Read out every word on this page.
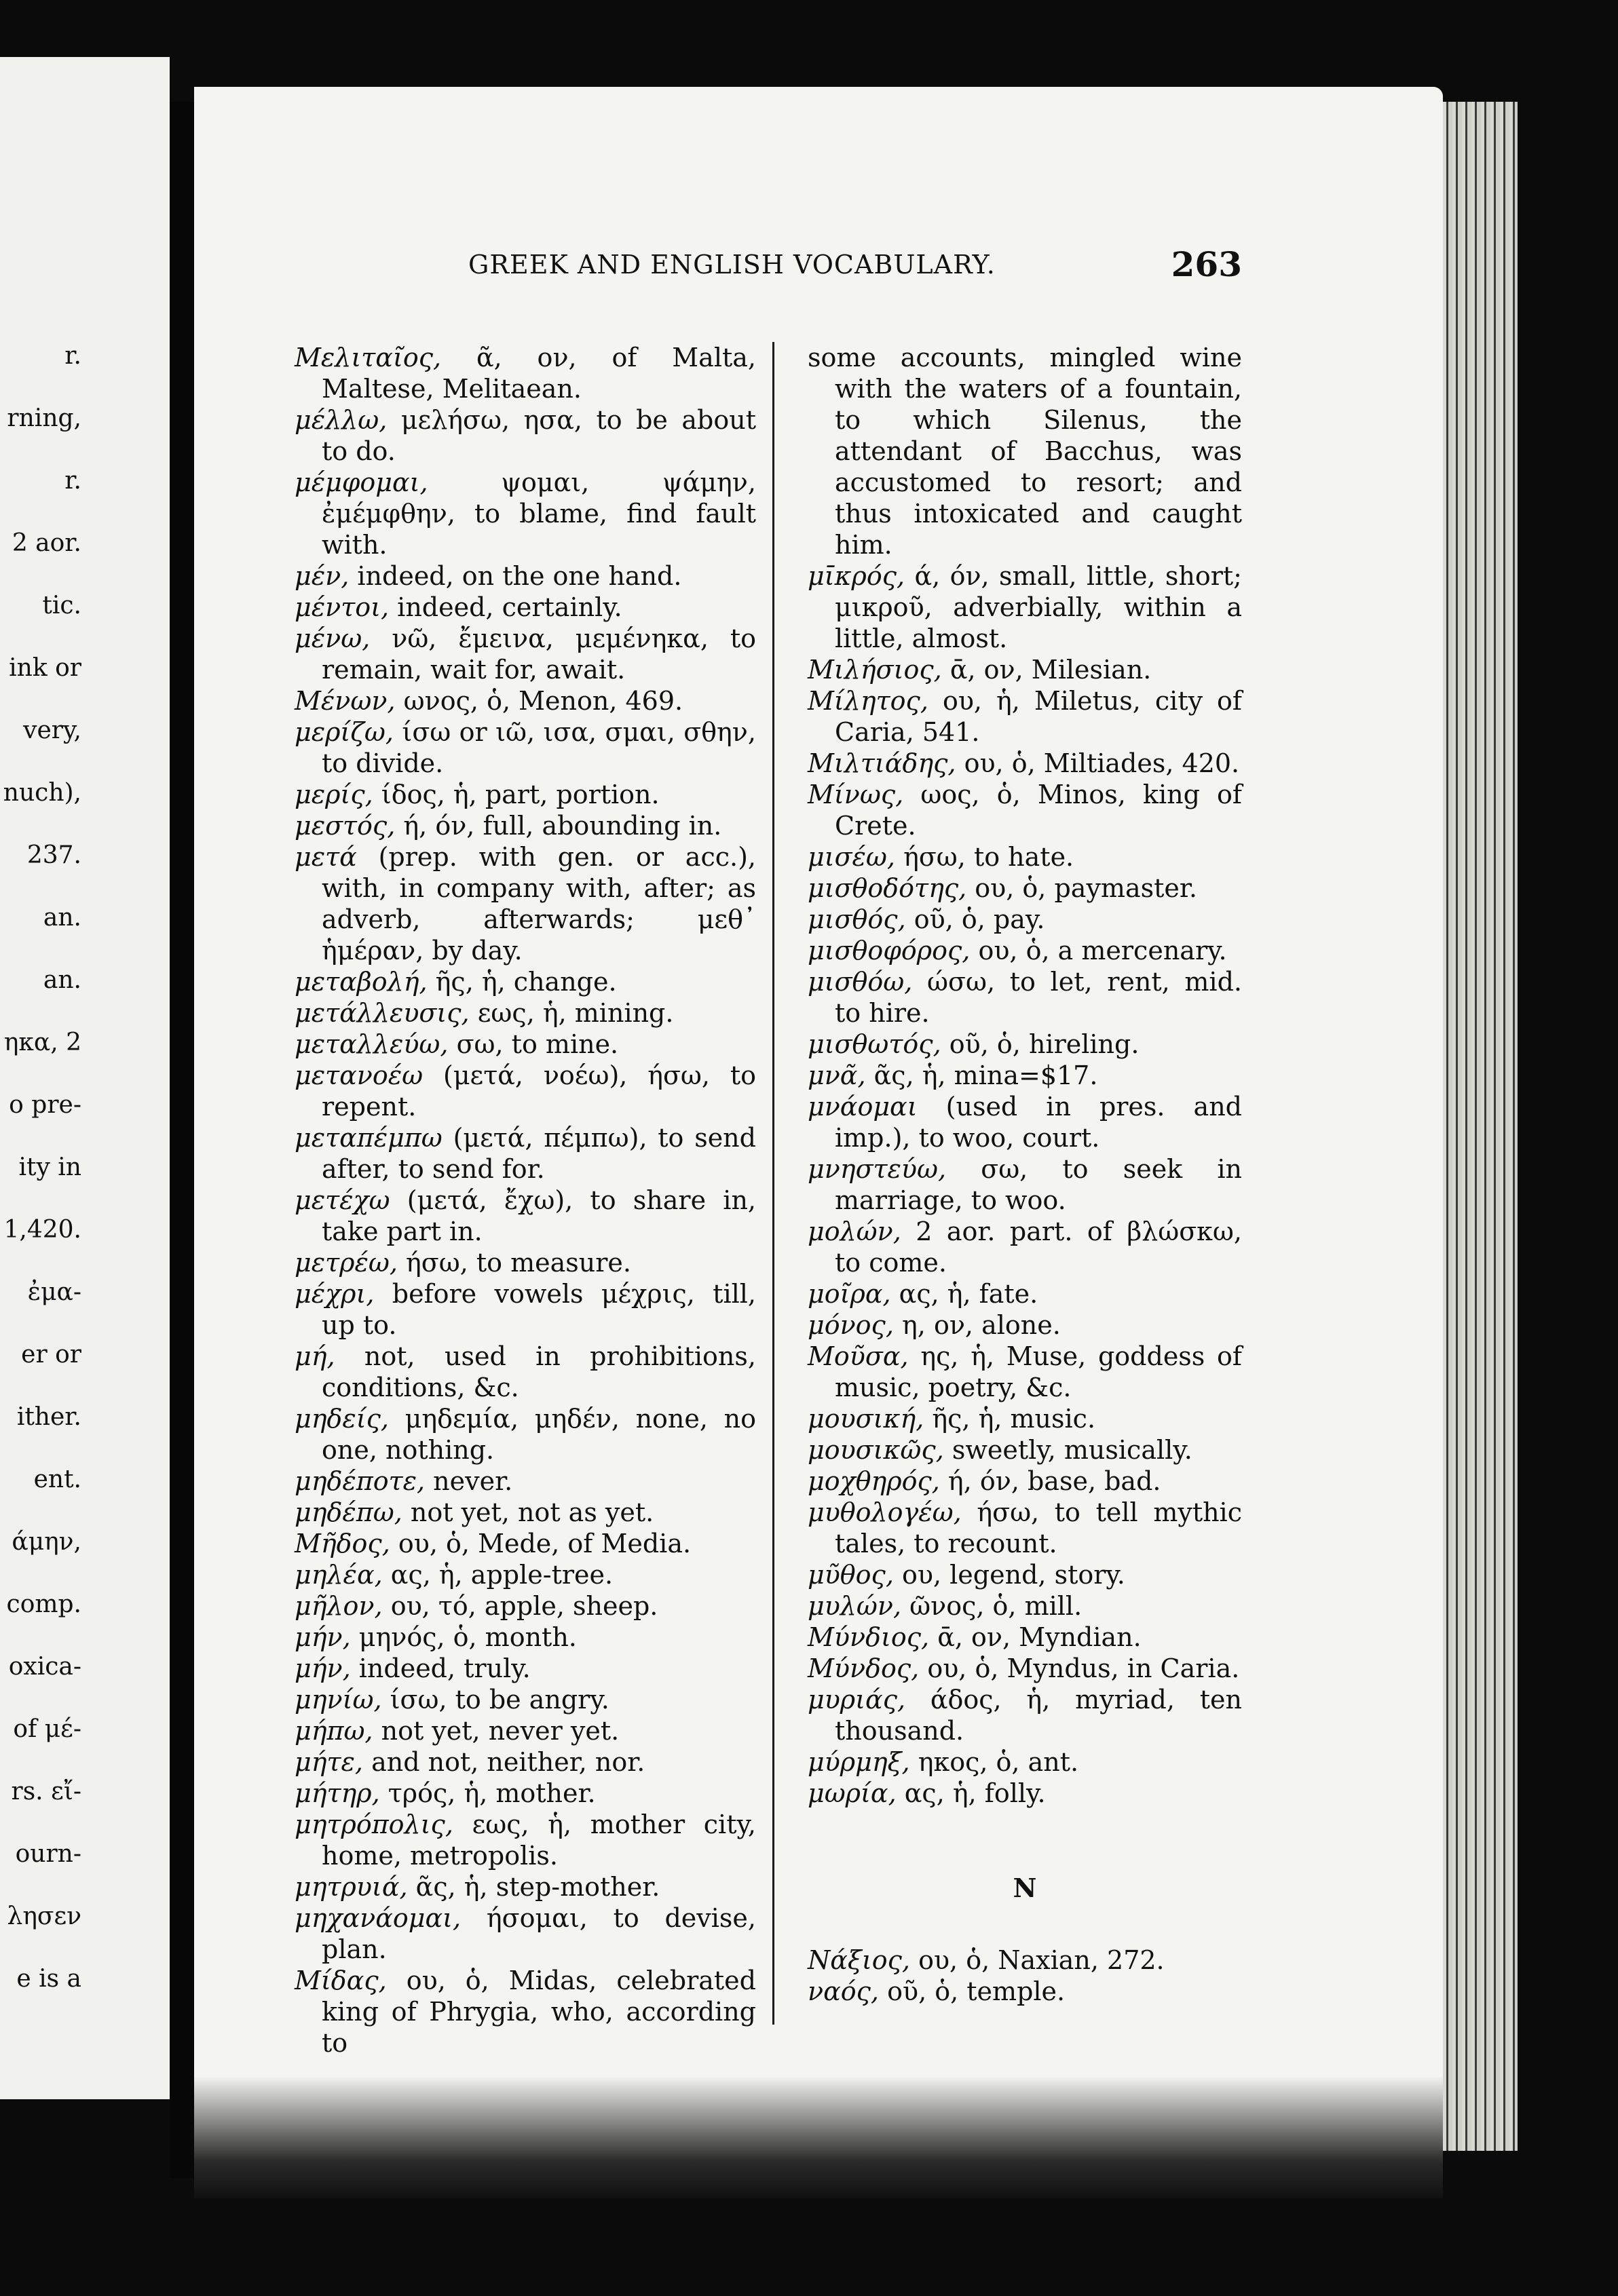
r.
rning,
r.
2 aor.
tic.
ink or
very,
nuch),
237.
an.
an.
ηκα, 2
o pre-
ity in
1,420.
ἐμα-
er or
ither.
ent.
άμην,
comp.
oxica-
of μέ-
rs. εἴ-
ourn-
λησεν
e is a
GREEK AND ENGLISH VOCABULARY.	263
Μελιταῖος, ᾶ, ον, of Malta, Maltese, Melitaean.
μέλλω, μελήσω, ησα, to be about to do.
μέμφομαι,	ψομαι, ψάμην, ἐμέμφθην, to blame, find fault with.
μέν, indeed, on the one hand.
μέντοι, indeed, certainly.
μένω, νῶ, ἔμεινα, μεμένηκα, to remain, wait for, await.
Μένων, ωνος, ὁ, Menon, 469.
μερίζω, ίσω or ιῶ, ισα, σμαι, σθην, to divide.
μερίς, ίδος, ἡ, part, portion.
μεστός, ή, όν, full, abounding in.
μετά (prep. with gen. or acc.), with, in company with, after; as adverb, afterwards; μεθ᾽ ἡμέραν, by day.
μεταβολή, ῆς, ἡ, change.
μετάλλευσις, εως, ἡ, mining.
μεταλλεύω, σω, to mine.
μετανοέω (μετά, νοέω), ήσω, to repent.
μεταπέμπω (μετά, πέμπω), to send after, to send for.
μετέχω (μετά, ἔχω), to share in, take part in.
μετρέω, ήσω, to measure.
μέχρι, before vowels μέχρις, till, up to.
μή, not, used in prohibitions, conditions, &c.
μηδείς, μηδεμία, μηδέν, none, no one, nothing.
μηδέποτε, never.
μηδέπω, not yet, not as yet.
Μῆδος, ου, ὁ, Mede, of Media.
μηλέα, ας, ἡ, apple-tree.
μῆλον, ου, τό, apple, sheep.
μήν, μηνός, ὁ, month.
μήν, indeed, truly.
μηνίω, ίσω, to be angry.
μήπω, not yet, never yet.
μήτε, and not, neither, nor.
μήτηρ, τρός, ἡ, mother.
μητρόπολις, εως, ἡ, mother city, home, metropolis.
μητρυιά, ᾶς, ἡ, step-mother.
μηχανάομαι, ήσομαι, to devise, plan.
Μίδας, ου, ὁ, Midas, celebrated king of Phrygia, who, according to
some accounts, mingled wine with the waters of a fountain, to which Silenus, the attendant of Bacchus, was accustomed to resort; and thus intoxicated and caught him.
μῑκρός, ά, όν, small, little, short; μικροῦ, adverbially, within a little, almost.
Μιλήσιος, ᾱ, ον, Milesian.
Μίλητος, ου, ἡ, Miletus, city of Caria, 541.
Μιλτιάδης, ου, ὁ, Miltiades, 420.
Μίνως, ωος, ὁ, Minos, king of Crete.
μισέω, ήσω, to hate.
μισθοδότης, ου, ὁ, paymaster.
μισθός, οῦ, ὁ, pay.
μισθοφόρος, ου, ὁ, a mercenary.
μισθόω, ώσω, to let, rent, mid. to hire.
μισθωτός, οῦ, ὁ, hireling.
μνᾶ, ᾶς, ἡ, mina=$17.
μνάομαι (used in pres. and imp.), to woo, court.
μνηστεύω, σω, to seek in marriage, to woo.
μολών, 2 aor. part. of βλώσκω, to come.
μοῖρα, ας, ἡ, fate.
μόνος, η, ον, alone.
Μοῦσα, ης, ἡ, Muse, goddess of music, poetry, &c.
μουσική, ῆς, ἡ, music.
μουσικῶς, sweetly, musically.
μοχθηρός, ή, όν, base, bad.
μυθολογέω, ήσω, to tell mythic tales, to recount.
μῦθος, ου, legend, story.
μυλών, ῶνος, ὁ, mill.
Μύνδιος, ᾱ, ον, Myndian.
Μύνδος, ου, ὁ, Myndus, in Caria.
μυριάς, άδος, ἡ, myriad, ten thousand.
μύρμηξ, ηκος, ὁ, ant.
μωρία, ας, ἡ, folly.
N
Νάξιος, ου, ὁ, Naxian, 272.
ναός, οῦ, ὁ, temple.
